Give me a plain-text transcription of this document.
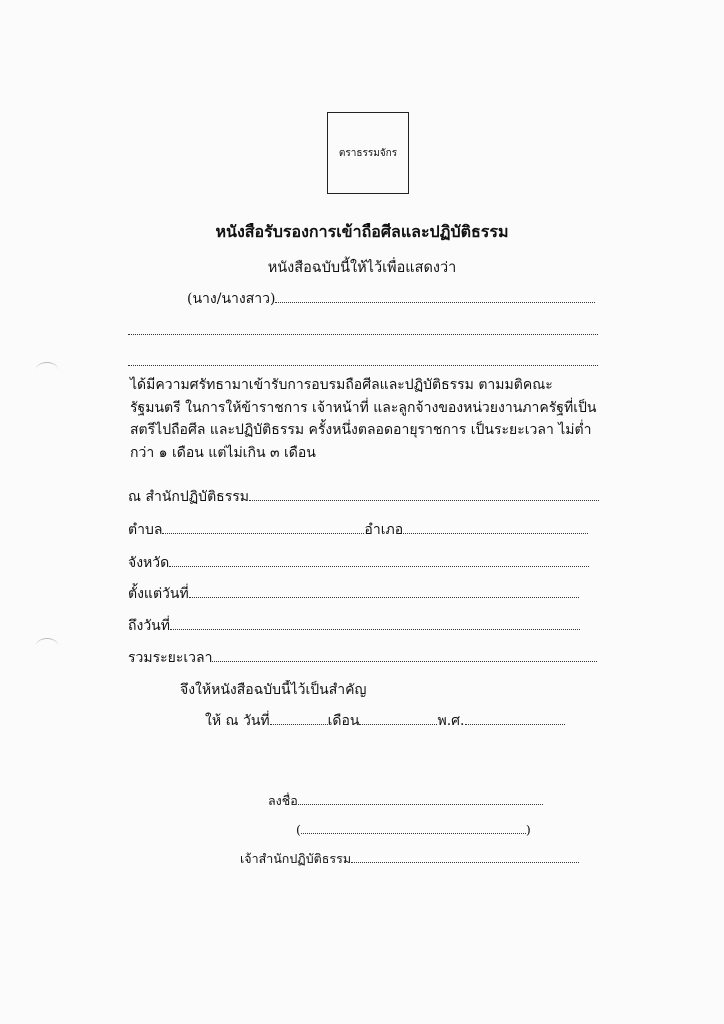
ตราธรรมจักร
หนังสือรับรองการเข้าถือศีลและปฏิบัติธรรม
หนังสือฉบับนี้ให้ไว้เพื่อแสดงว่า
(นาง/นางสาว)
ได้มีความศรัทธามาเข้ารับการอบรมถือศีลและปฏิบัติธรรม ตามมติคณะรัฐมนตรี ในการให้ข้าราชการ เจ้าหน้าที่ และลูกจ้างของหน่วยงานภาครัฐที่เป็นสตรีไปถือศีล และปฏิบัติธรรม ครั้งหนึ่งตลอดอายุราชการ เป็นระยะเวลา ไม่ต่ำกว่า ๑ เดือน แต่ไม่เกิน ๓ เดือน
ณ สำนักปฏิบัติธรรม
ตำบล	อำเภอ
จังหวัด
ตั้งแต่วันที่
ถึงวันที่
รวมระยะเวลา
จึงให้หนังสือฉบับนี้ไว้เป็นสำคัญ
ให้ ณ วันที่	เดือน	พ.ศ.
ลงชื่อ
(	)
เจ้าสำนักปฏิบัติธรรม
